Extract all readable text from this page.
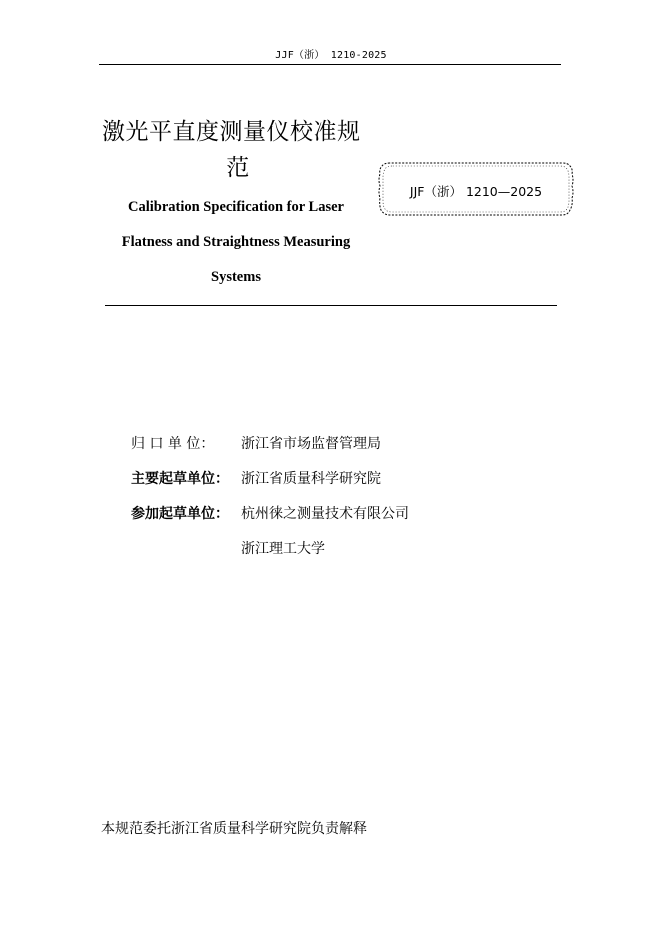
JJF（浙） 1210-2025
激光平直度测量仪校准规
范
Calibration Specification for Laser
Flatness and Straightness Measuring
Systems
JJF（浙） 1210—2025
归 口 单 位： 浙江省市场监督管理局
主要起草单位： 浙江省质量科学研究院
参加起草单位： 杭州徕之测量技术有限公司
浙江理工大学
本规范委托浙江省质量科学研究院负责解释
